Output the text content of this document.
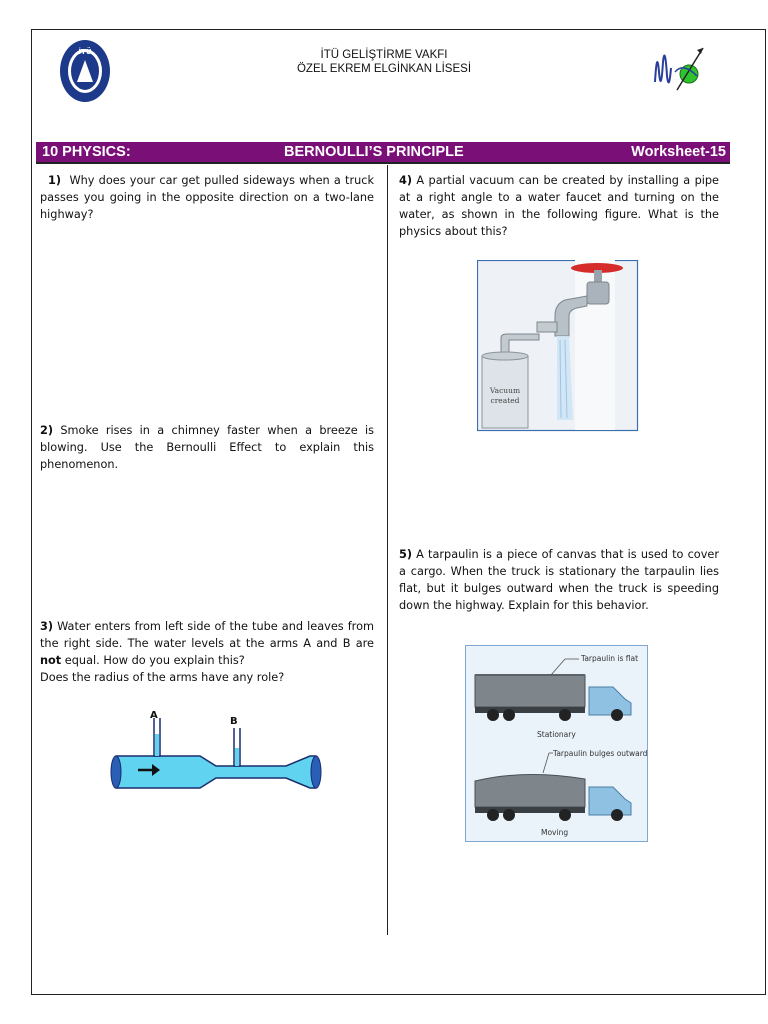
İTÜ	İTÜ GELİŞTİRME VAKFI
ÖZEL EKREM ELGİNKAN LİSESİ
10 PHYSICS:	BERNOULLI’S PRINCIPLE	Worksheet-15
1) Why does your car get pulled sideways when a truck passes you going in the opposite direction on a two-lane highway?
2) Smoke rises in a chimney faster when a breeze is blowing. Use the Bernoulli Effect to explain this phenomenon.
3) Water enters from left side of the tube and leaves from the right side. The water levels at the arms A and B are not equal. How do you explain this?
Does the radius of the arms have any role?
A
B
4) A partial vacuum can be created by installing a pipe at a right angle to a water faucet and turning on the water, as shown in the following figure. What is the physics about this?
Vacuum
created
5) A tarpaulin is a piece of canvas that is used to cover a cargo. When the truck is stationary the tarpaulin lies flat, but it bulges outward when the truck is speeding down the highway. Explain for this behavior.
Tarpaulin is flat
Stationary
Tarpaulin bulges outward
Moving
